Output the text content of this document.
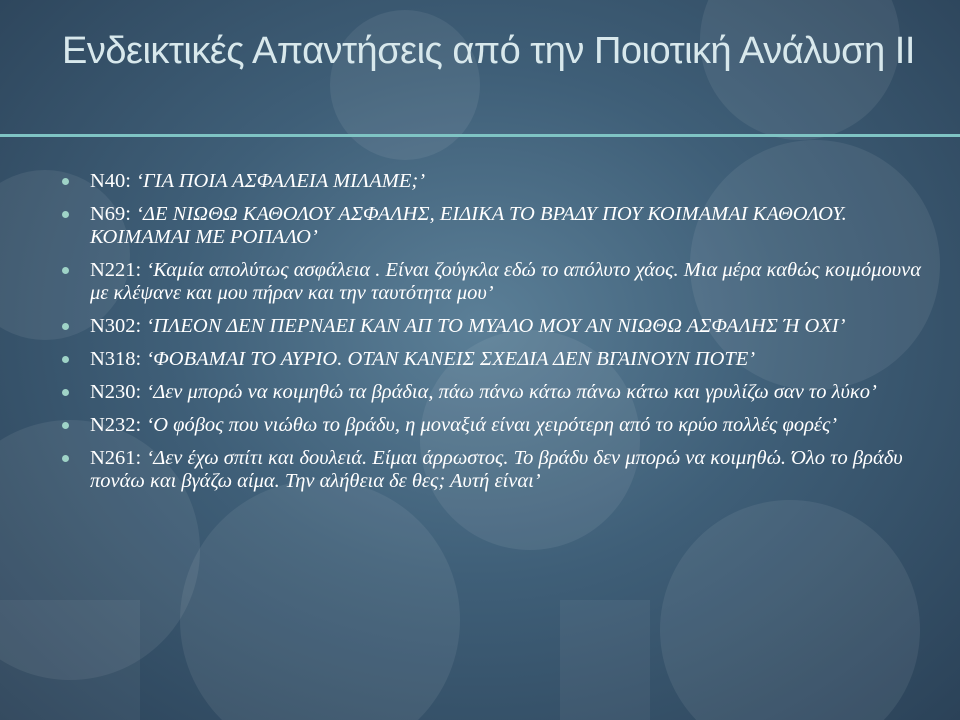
Ενδεικτικές Απαντήσεις από την Ποιοτική Ανάλυση ΙΙ
Ν40: ‘ΓΙΑ ΠΟΙΑ ΑΣΦΑΛΕΙΑ ΜΙΛΑΜΕ;’
Ν69: ‘ΔΕ ΝΙΩΘΩ ΚΑΘΟΛΟΥ ΑΣΦΑΛΗΣ, ΕΙΔΙΚΑ ΤΟ ΒΡΑΔΥ ΠΟΥ ΚΟΙΜΑΜΑΙ ΚΑΘΟΛΟΥ. ΚΟΙΜΑΜΑΙ ΜΕ ΡΟΠΑΛΟ’
Ν221: ‘Καμία απολύτως ασφάλεια . Είναι ζούγκλα εδώ το απόλυτο χάος. Μια μέρα καθώς κοιμόμουνα με κλέψανε και μου πήραν και την ταυτότητα μου’
Ν302: ‘ΠΛΕΟΝ ΔΕΝ ΠΕΡΝΑΕΙ ΚΑΝ ΑΠ ΤΟ ΜΥΑΛΟ ΜΟΥ ΑΝ ΝΙΩΘΩ ΑΣΦΑΛΗΣ Ή ΟΧΙ’
Ν318: ‘ΦΟΒΑΜΑΙ ΤΟ ΑΥΡΙΟ. ΟΤΑΝ ΚΑΝΕΙΣ ΣΧΕΔΙΑ ΔΕΝ ΒΓΑΙΝΟΥΝ ΠΟΤΕ’
Ν230: ‘Δεν μπορώ να κοιμηθώ τα βράδια, πάω πάνω κάτω πάνω κάτω και γρυλίζω σαν το λύκο’
Ν232: ‘Ο φόβος που νιώθω το βράδυ, η μοναξιά είναι χειρότερη από το κρύο πολλές φορές’
Ν261: ‘Δεν έχω σπίτι και δουλειά. Είμαι άρρωστος. Το βράδυ δεν μπορώ να κοιμηθώ. Όλο το βράδυ πονάω και βγάζω αίμα. Την αλήθεια δε θες; Αυτή είναι’
